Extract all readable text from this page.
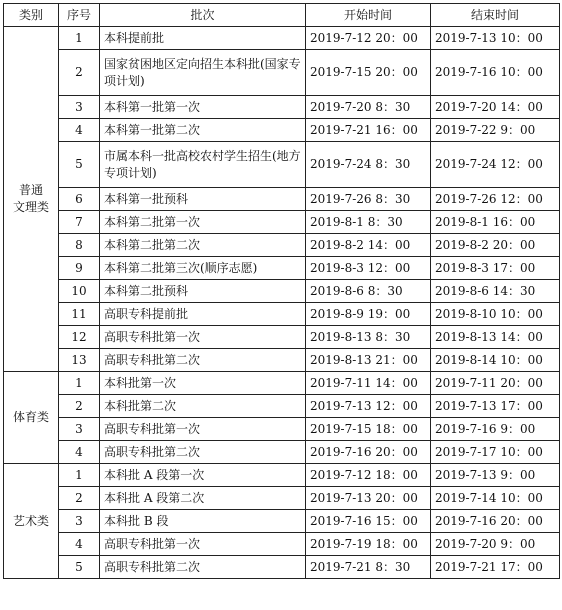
类别	序号	批次	开始时间	结束时间

普通
文理类	1	本科提前批	2019-7-12 20：00	2019-7-13 10：00
	2	国家贫困地区定向招生本科批(国家专项计划)	2019-7-15 20：00	2019-7-16 10：00
	3	本科第一批第一次	2019-7-20 8：30	2019-7-20 14：00
	4	本科第一批第二次	2019-7-21 16：00	2019-7-22 9：00
	5	市属本科一批高校农村学生招生(地方专项计划)	2019-7-24 8：30	2019-7-24 12：00
	6	本科第一批预科	2019-7-26 8：30	2019-7-26 12：00
	7	本科第二批第一次	2019-8-1 8：30	2019-8-1 16：00
	8	本科第二批第二次	2019-8-2 14：00	2019-8-2 20：00
	9	本科第二批第三次(顺序志愿)	2019-8-3 12：00	2019-8-3 17：00
	10	本科第二批预科	2019-8-6 8：30	2019-8-6 14：30
	11	高职专科提前批	2019-8-9 19：00	2019-8-10 10：00
	12	高职专科批第一次	2019-8-13 8：30	2019-8-13 14：00
	13	高职专科批第二次	2019-8-13 21：00	2019-8-14 10：00

体育类	1	本科批第一次	2019-7-11 14：00	2019-7-11 20：00
	2	本科批第二次	2019-7-13 12：00	2019-7-13 17：00
	3	高职专科批第一次	2019-7-15 18：00	2019-7-16 9：00
	4	高职专科批第二次	2019-7-16 20：00	2019-7-17 10：00

艺术类	1	本科批 A 段第一次	2019-7-12 18：00	2019-7-13 9：00
	2	本科批 A 段第二次	2019-7-13 20：00	2019-7-14 10：00
	3	本科批 B 段	2019-7-16 15：00	2019-7-16 20：00
	4	高职专科批第一次	2019-7-19 18：00	2019-7-20 9：00
	5	高职专科批第二次	2019-7-21 8：30	2019-7-21 17：00
